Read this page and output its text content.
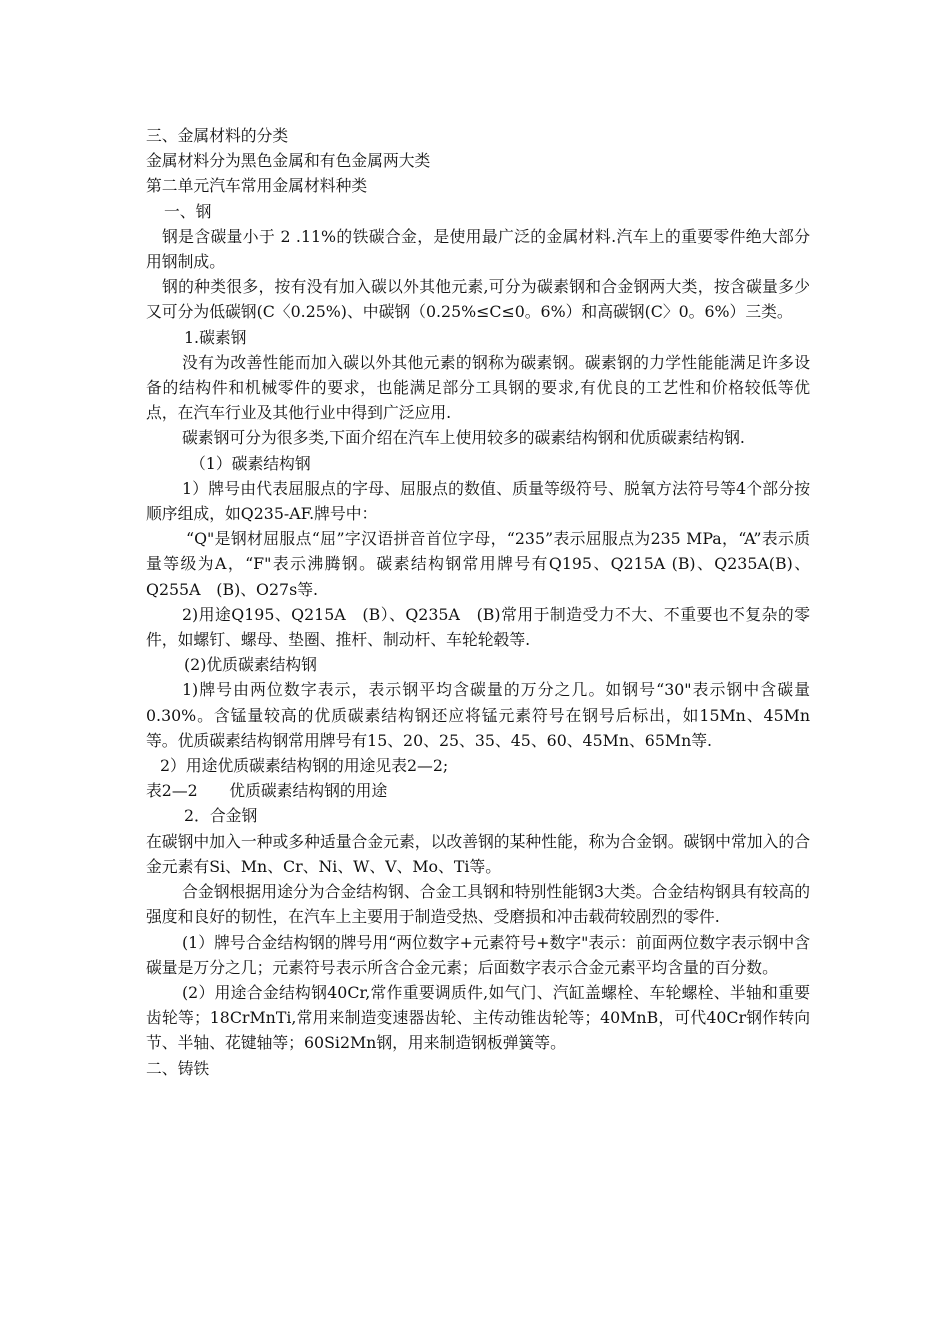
三、金属材料的分类

金属材料分为黑色金属和有色金属两大类

第二单元汽车常用金属材料种类

一、钢

钢是含碳量小于 2 .11%的铁碳合金，是使用最广泛的金属材料.汽车上的重要零件绝大部分用钢制成。

钢的种类很多，按有没有加入碳以外其他元素,可分为碳素钢和合金钢两大类，按含碳量多少又可分为低碳钢(C〈0.25%)、中碳钢（0.25%≤C≤0。6%）和高碳钢(C〉0。6%）三类。

1.碳素钢

没有为改善性能而加入碳以外其他元素的钢称为碳素钢。碳素钢的力学性能能满足许多设备的结构件和机械零件的要求，也能满足部分工具钢的要求,有优良的工艺性和价格较低等优点，在汽车行业及其他行业中得到广泛应用.

碳素钢可分为很多类,下面介绍在汽车上使用较多的碳素结构钢和优质碳素结构钢.

（1）碳素结构钢

1）牌号由代表屈服点的字母、屈服点的数值、质量等级符号、脱氧方法符号等4个部分按顺序组成，如Q235-AF.牌号中：

“Q"是钢材屈服点“屈”字汉语拼音首位字母，“235”表示屈服点为235 MPa，“A”表示质量等级为A，“F"表示沸腾钢。碳素结构钢常用牌号有Q195、Q215A (B)、Q235A(B)、Q255A　(B)、O27s等.

2)用途Q195、Q215A　(B）、Q235A　(B)常用于制造受力不大、不重要也不复杂的零件，如螺钉、螺母、垫圈、推杆、制动杆、车轮轮毂等.

(2)优质碳素结构钢

1)牌号由两位数字表示，表示钢平均含碳量的万分之几。如钢号“30"表示钢中含碳量0.30%。含锰量较高的优质碳素结构钢还应将锰元素符号在钢号后标出，如15Mn、45Mn等。优质碳素结构钢常用牌号有15、20、25、35、45、60、45Mn、65Mn等.

2）用途优质碳素结构钢的用途见表2—2;

表2—2　　优质碳素结构钢的用途

2．合金钢

在碳钢中加入一种或多种适量合金元素，以改善钢的某种性能，称为合金钢。碳钢中常加入的合金元素有Si、Mn、Cr、Ni、W、V、Mo、Ti等。

合金钢根据用途分为合金结构钢、合金工具钢和特别性能钢3大类。合金结构钢具有较高的强度和良好的韧性，在汽车上主要用于制造受热、受磨损和冲击载荷较剧烈的零件.

(1）牌号合金结构钢的牌号用“两位数字+元素符号+数字"表示：前面两位数字表示钢中含碳量是万分之几；元素符号表示所含合金元素；后面数字表示合金元素平均含量的百分数。

(2）用途合金结构钢40Cr,常作重要调质件,如气门、汽缸盖螺栓、车轮螺栓、半轴和重要齿轮等；18CrMnTi,常用来制造变速器齿轮、主传动锥齿轮等；40MnB，可代40Cr钢作转向节、半轴、花键轴等；60Si2Mn钢，用来制造钢板弹簧等。

二、铸铁
